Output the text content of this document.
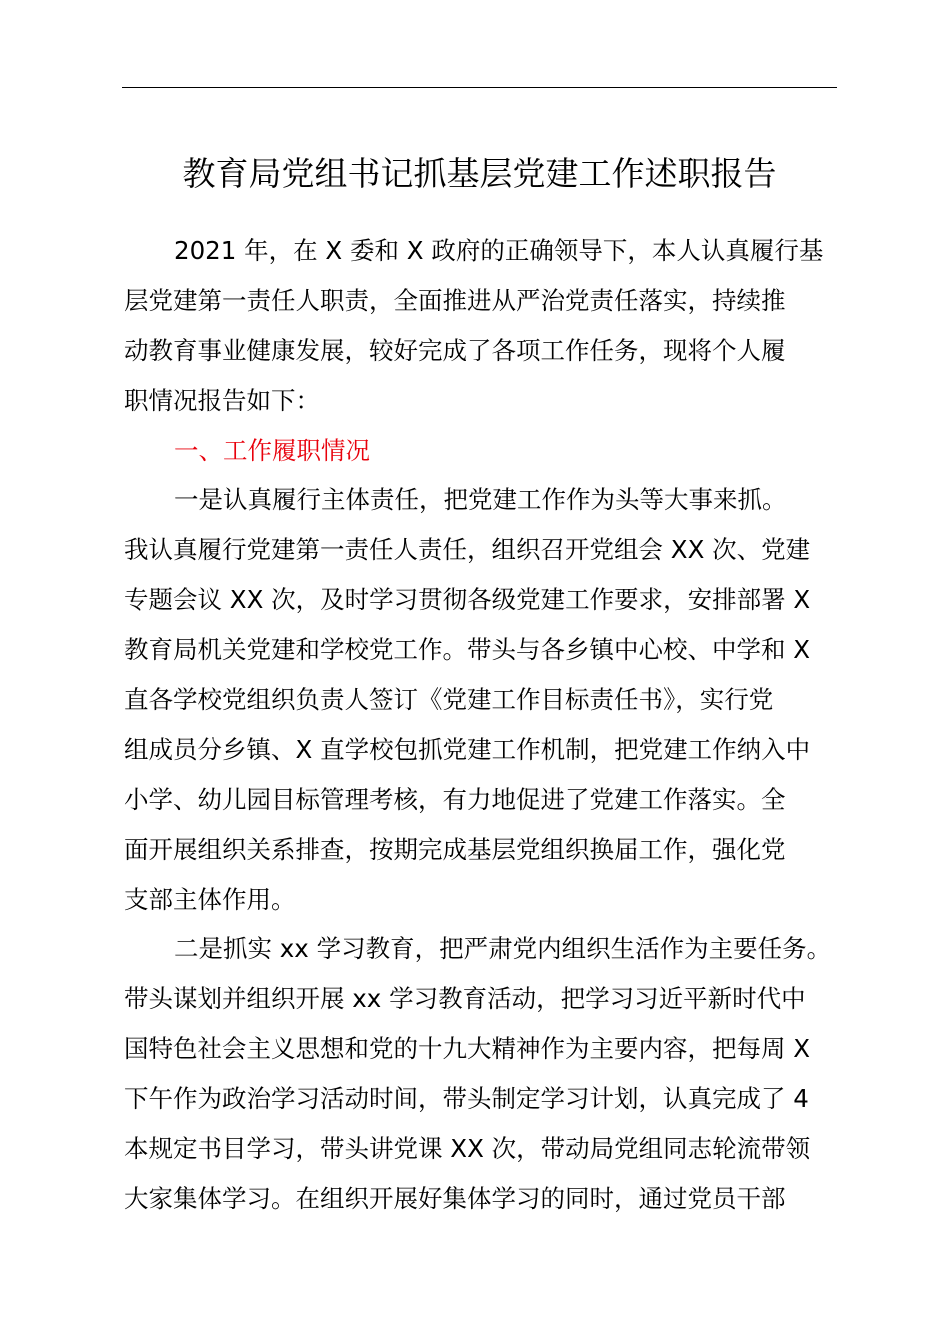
教育局党组书记抓基层党建工作述职报告
2021 年，在 X 委和 X 政府的正确领导下，本人认真履行基
层党建第一责任人职责，全面推进从严治党责任落实，持续推
动教育事业健康发展，较好完成了各项工作任务，现将个人履
职情况报告如下：
一、工作履职情况
一是认真履行主体责任，把党建工作作为头等大事来抓。
我认真履行党建第一责任人责任，组织召开党组会 XX 次、党建
专题会议 XX 次，及时学习贯彻各级党建工作要求，安排部署 X
教育局机关党建和学校党工作。带头与各乡镇中心校、中学和 X
直各学校党组织负责人签订《党建工作目标责任书》，实行党
组成员分乡镇、X 直学校包抓党建工作机制，把党建工作纳入中
小学、幼儿园目标管理考核，有力地促进了党建工作落实。全
面开展组织关系排查，按期完成基层党组织换届工作，强化党
支部主体作用。
二是抓实 xx 学习教育，把严肃党内组织生活作为主要任务。
带头谋划并组织开展 xx 学习教育活动，把学习习近平新时代中
国特色社会主义思想和党的十九大精神作为主要内容，把每周 X
下午作为政治学习活动时间，带头制定学习计划，认真完成了 4
本规定书目学习，带头讲党课 XX 次，带动局党组同志轮流带领
大家集体学习。在组织开展好集体学习的同时，通过党员干部
